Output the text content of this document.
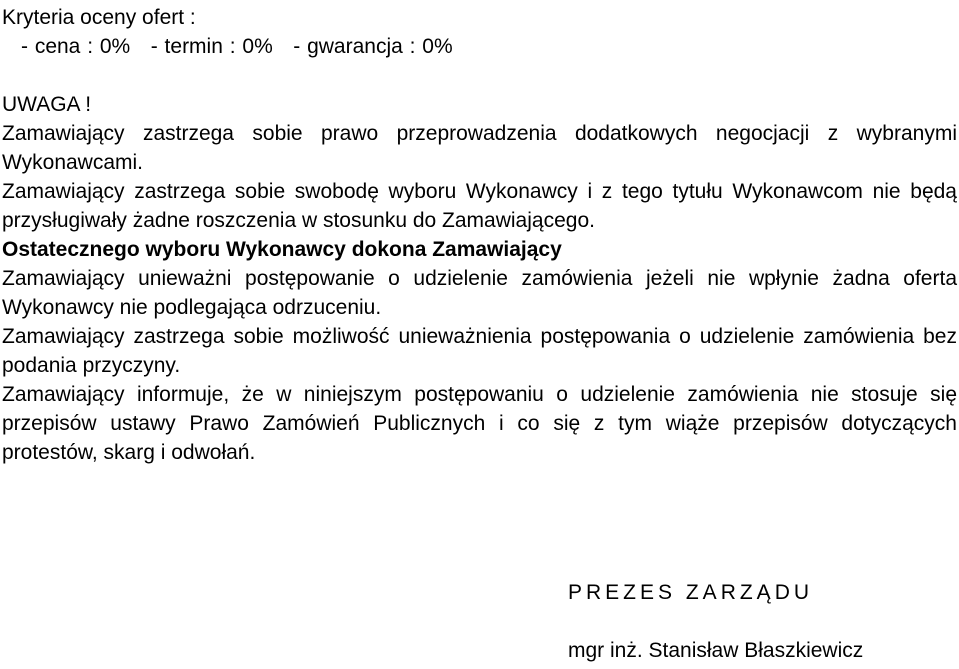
Kryteria oceny ofert :
- cena : 0%   - termin : 0%   - gwarancja : 0%
UWAGA !
Zamawiający zastrzega sobie prawo przeprowadzenia dodatkowych negocjacji z wybranymi Wykonawcami.
Zamawiający zastrzega sobie swobodę wyboru Wykonawcy i z tego tytułu Wykonawcom nie będą przysługiwały żadne roszczenia w stosunku do Zamawiającego.
Ostatecznego wyboru Wykonawcy dokona Zamawiający
Zamawiający unieważni postępowanie o udzielenie zamówienia jeżeli nie wpłynie żadna oferta Wykonawcy nie podlegająca odrzuceniu.
Zamawiający zastrzega sobie możliwość unieważnienia postępowania o udzielenie zamówienia bez podania przyczyny.
Zamawiający informuje, że w niniejszym postępowaniu o udzielenie zamówienia nie stosuje się przepisów ustawy Prawo Zamówień Publicznych i co się z tym wiąże przepisów dotyczących protestów, skarg i odwołań.
PREZES ZARZĄDU
mgr inż. Stanisław Błaszkiewicz
